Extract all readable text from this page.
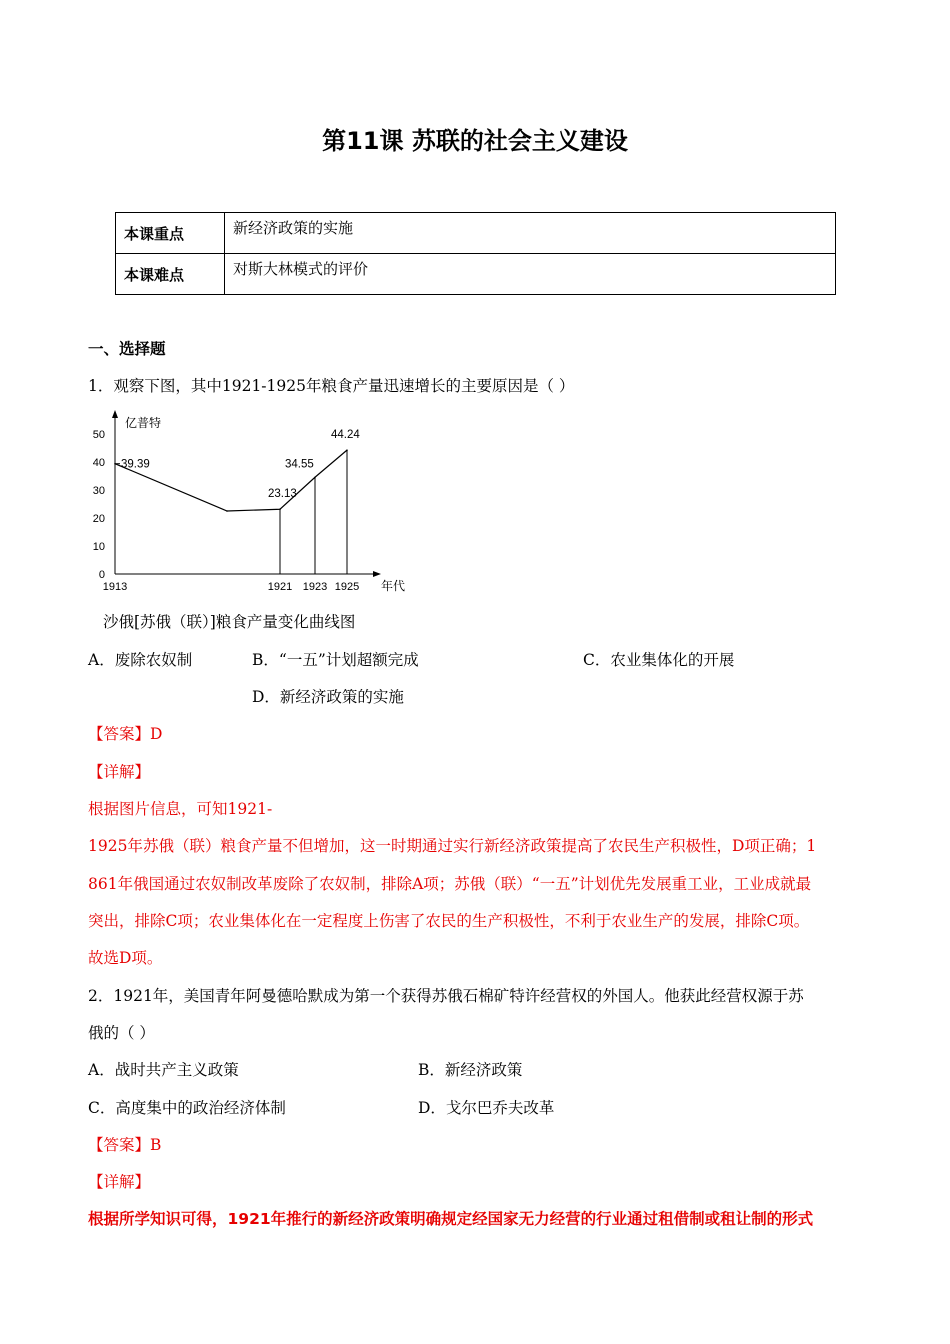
第11课 苏联的社会主义建设
本课重点	新经济政策的实施
本课难点	对斯大林模式的评价
一、选择题
1．观察下图，其中1921-1925年粮食产量迅速增长的主要原因是（ ）
亿普特
年代
0
10
20
30
40
50
1913	1921 1923 1925
39.39
23.13
34.55
44.24
沙俄[苏俄（联）]粮食产量变化曲线图
A．废除农奴制	B．“一五”计划超额完成	C．农业集体化的开展
D．新经济政策的实施
【答案】D
【详解】
根据图片信息，可知1921-
1925年苏俄（联）粮食产量不但增加，这一时期通过实行新经济政策提高了农民生产积极性，D项正确；1
861年俄国通过农奴制改革废除了农奴制，排除A项；苏俄（联）“一五”计划优先发展重工业，工业成就最
突出，排除C项；农业集体化在一定程度上伤害了农民的生产积极性，不利于农业生产的发展，排除C项。
故选D项。
2．1921年，美国青年阿曼德哈默成为第一个获得苏俄石棉矿特许经营权的外国人。他获此经营权源于苏
俄的（ ）
A．战时共产主义政策	B．新经济政策
C．高度集中的政治经济体制	D．戈尔巴乔夫改革
【答案】B
【详解】
根据所学知识可得，1921年推行的新经济政策明确规定经国家无力经营的行业通过租借制或租让制的形式
